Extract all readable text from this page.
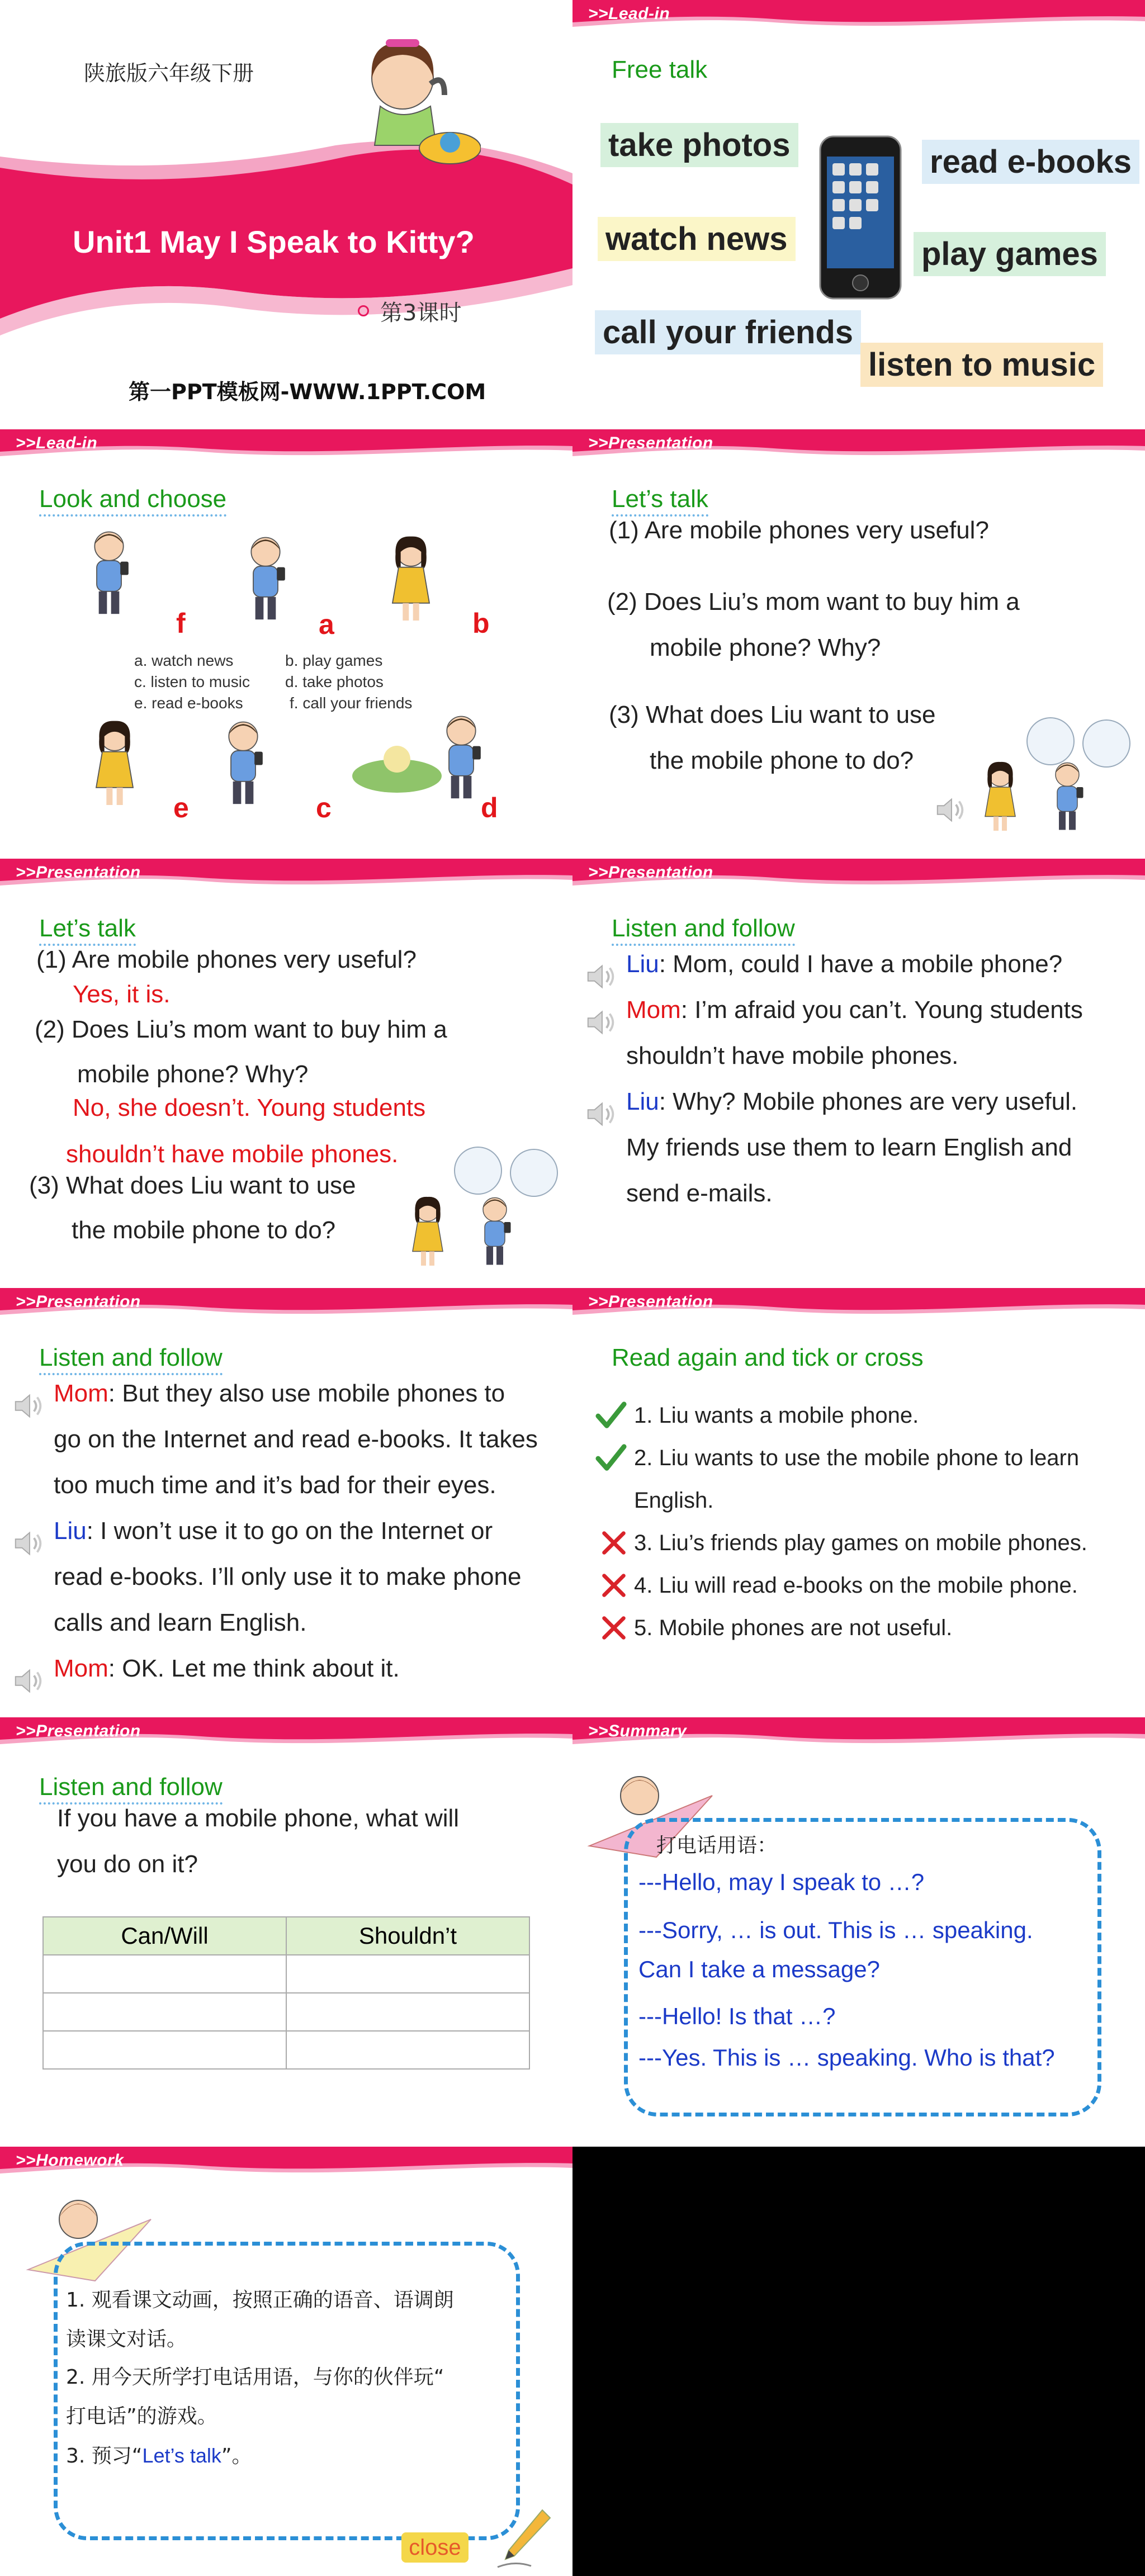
陕旅版六年级下册
Unit1 May I Speak to Kitty?
第3课时
第一PPT模板网-WWW.1PPT.COM
>>Lead-in
Free talk
take photos	read e-books
watch news	play games
call your friends
listen to music
>>Lead-in
Look and choose
f	a	b
a. watch news	b. play games
c. listen to music d. take photos
e. read e-books	f. call your friends
e	c	d
>>Presentation
Let’s talk
(1) Are mobile phones very useful?
(2) Does Liu’s mom want to buy him a
mobile phone? Why?
(3) What does Liu want to use
the mobile phone to do?
>>Presentation
Let’s talk
(1) Are mobile phones very useful?
Yes, it is.
(2) Does Liu’s mom want to buy him a
mobile phone? Why?
No, she doesn’t. Young students
shouldn’t have mobile phones.
(3) What does Liu want to use
the mobile phone to do?
>>Presentation
Listen and follow
Liu: Mom, could I have a mobile phone?
Mom: I’m afraid you can’t. Young students
shouldn’t have mobile phones.
Liu: Why? Mobile phones are very useful.
My friends use them to learn English and
send e-mails.
>>Presentation
Listen and follow
Mom: But they also use mobile phones to
go on the Internet and read e-books. It takes
too much time and it’s bad for their eyes.
Liu: I won’t use it to go on the Internet or
read e-books. I’ll only use it to make phone
calls and learn English.
Mom: OK. Let me think about it.
>>Presentation
Read again and tick or cross
1. Liu wants a mobile phone.
2. Liu wants to use the mobile phone to learn
English.
3. Liu’s friends play games on mobile phones.
4. Liu will read e-books on the mobile phone.
5. Mobile phones are not useful.
>>Presentation
Listen and follow
If you have a mobile phone, what will
you do on it?
Can/Will	Shouldn’t

>>Summary
打电话用语：
---Hello, may I speak to …?
---Sorry, … is out. This is … speaking.
Can I take a message?
---Hello! Is that …?
---Yes. This is … speaking. Who is that?
>>Homework
1. 观看课文动画，按照正确的语音、语调朗
读课文对话。
2. 用今天所学打电话用语，与你的伙伴玩“
打电话”的游戏。
3. 预习“Let’s talk”。
close
